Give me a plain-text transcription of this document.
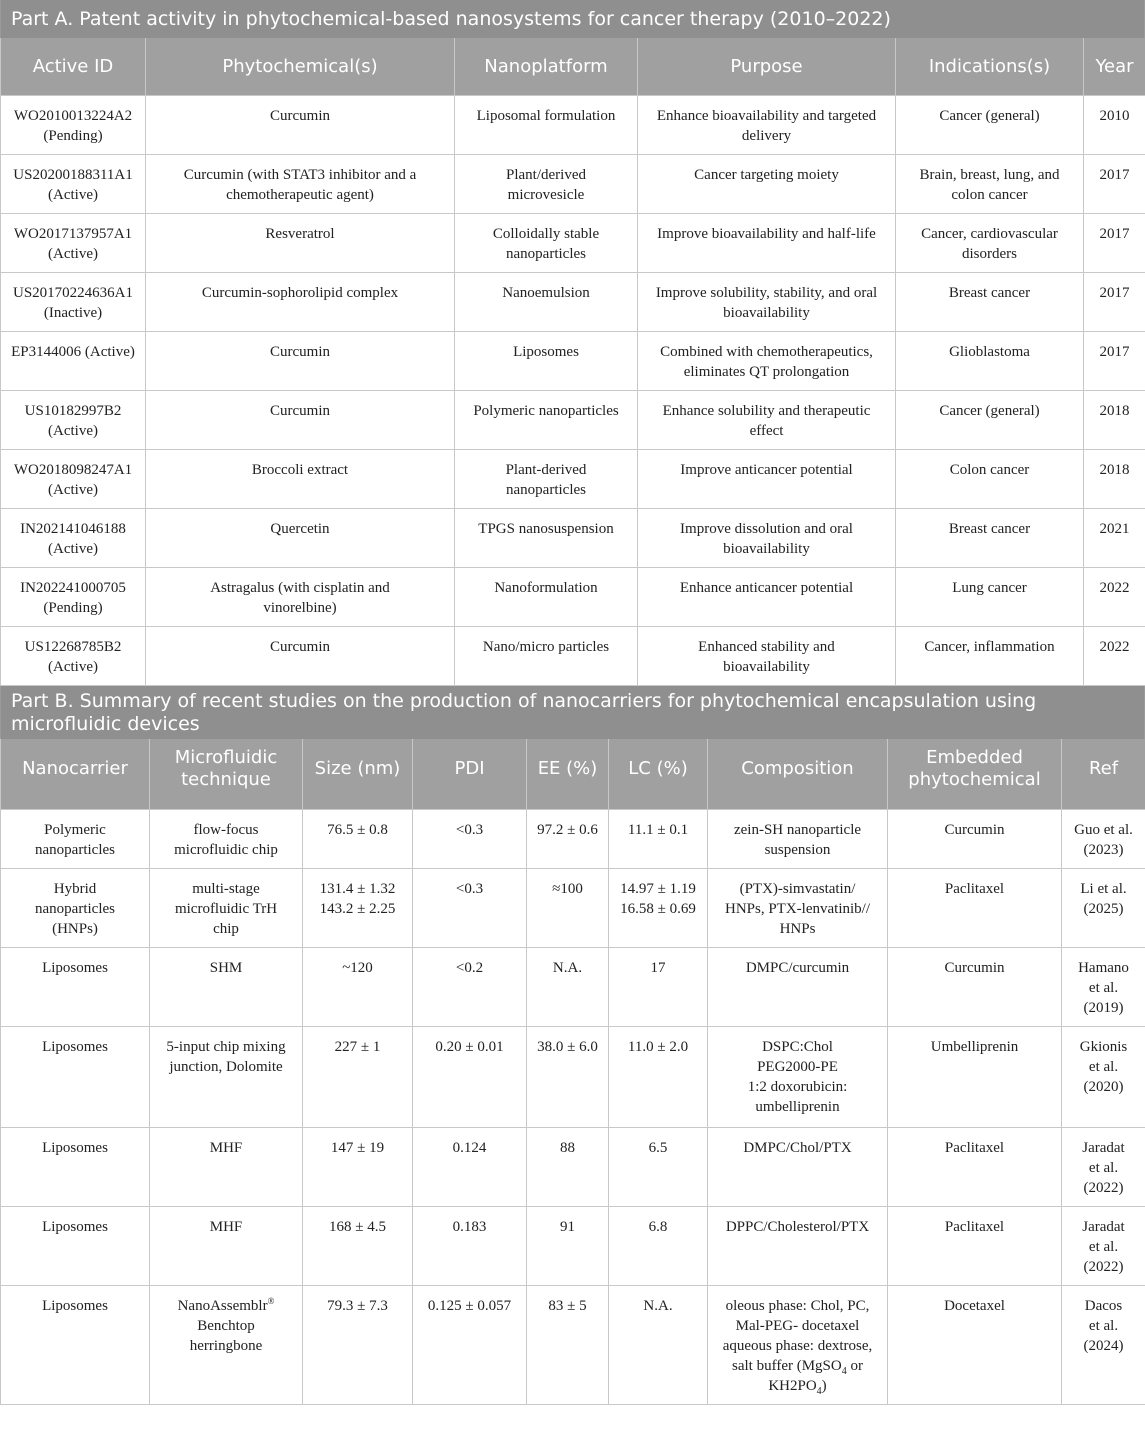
Part A. Patent activity in phytochemical-based nanosystems for cancer therapy (2010–2022)
Active ID	Phytochemical(s)	Nanoplatform	Purpose	Indications(s)	Year

WO2010013224A2
(Pending)	Curcumin	Liposomal formulation	Enhance bioavailability and targeted
delivery	Cancer (general)	2010

US20200188311A1
(Active)	Curcumin (with STAT3 inhibitor and a
chemotherapeutic agent)	Plant/derived
microvesicle	Cancer targeting moiety	Brain, breast, lung, and
colon cancer	2017

WO2017137957A1
(Active)	Resveratrol	Colloidally stable
nanoparticles	Improve bioavailability and half-life	Cancer, cardiovascular
disorders	2017

US20170224636A1
(Inactive)	Curcumin-sophorolipid complex	Nanoemulsion	Improve solubility, stability, and oral
bioavailability	Breast cancer	2017

EP3144006 (Active)	Curcumin	Liposomes	Combined with chemotherapeutics,
eliminates QT prolongation	Glioblastoma	2017

US10182997B2
(Active)	Curcumin	Polymeric nanoparticles	Enhance solubility and therapeutic
effect	Cancer (general)	2018

WO2018098247A1
(Active)	Broccoli extract	Plant-derived
nanoparticles	Improve anticancer potential	Colon cancer	2018

IN202141046188
(Active)	Quercetin	TPGS nanosuspension	Improve dissolution and oral
bioavailability	Breast cancer	2021

IN202241000705
(Pending)	Astragalus (with cisplatin and
vinorelbine)	Nanoformulation	Enhance anticancer potential	Lung cancer	2022

US12268785B2
(Active)	Curcumin	Nano/micro particles	Enhanced stability and
bioavailability	Cancer, inflammation	2022
Part B. Summary of recent studies on the production of nanocarriers for phytochemical encapsulation using microfluidic devices
Nanocarrier	Microfluidic technique	Size (nm)	PDI	EE (%)	LC (%)	Composition	Embedded phytochemical	Ref

Polymeric
nanoparticles	flow-focus
microfluidic chip	76.5 ± 0.8	<0.3	97.2 ± 0.6	11.1 ± 0.1	zein-SH nanoparticle
suspension	Curcumin	Guo et al.
(2023)

Hybrid
nanoparticles
(HNPs)	multi-stage
microfluidic TrH
chip	131.4 ± 1.32
143.2 ± 2.25	<0.3	≈100	14.97 ± 1.19
16.58 ± 0.69	(PTX)-simvastatin/
HNPs, PTX-lenvatinib//
HNPs	Paclitaxel	Li et al.
(2025)

Liposomes	SHM	~120	<0.2	N.A.	17	DMPC/curcumin	Curcumin	Hamano
et al.
(2019)

Liposomes	5-input chip mixing
junction, Dolomite	227 ± 1	0.20 ± 0.01	38.0 ± 6.0	11.0 ± 2.0	DSPC:Chol
PEG2000-PE
1:2 doxorubicin:
umbelliprenin	Umbelliprenin	Gkionis
et al.
(2020)

Liposomes	MHF	147 ± 19	0.124	88	6.5	DMPC/Chol/PTX	Paclitaxel	Jaradat
et al.
(2022)

Liposomes	MHF	168 ± 4.5	0.183	91	6.8	DPPC/Cholesterol/PTX	Paclitaxel	Jaradat
et al.
(2022)

Liposomes	NanoAssemblr®
Benchtop
herringbone	79.3 ± 7.3	0.125 ± 0.057	83 ± 5	N.A.	oleous phase: Chol, PC,
Mal-PEG- docetaxel
aqueous phase: dextrose,
salt buffer (MgSO$_4$ or
$KH2PO_4$)	Docetaxel	Dacos
et al.
(2024)
